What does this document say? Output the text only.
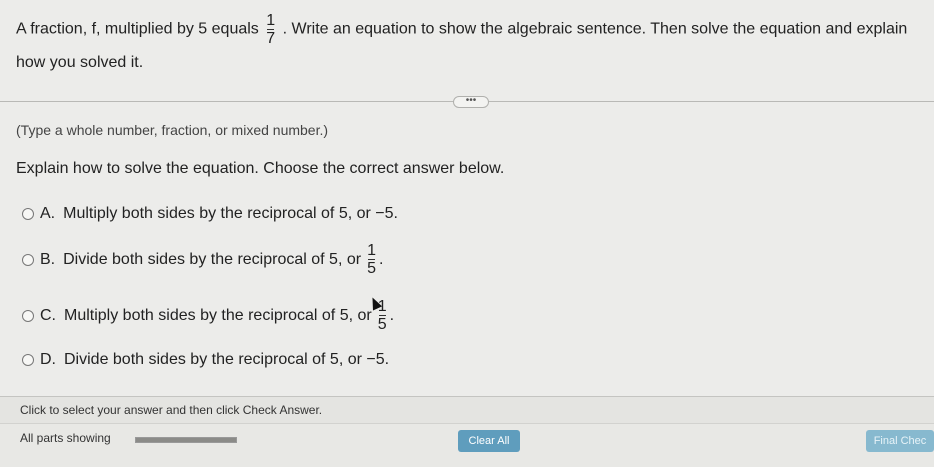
A fraction, f, multiplied by 5 equals $\frac{1}{7}$ . Write an equation to show the algebraic sentence. Then solve the equation and explain how you solved it.
•••
(Type a whole number, fraction, or mixed number.)
Explain how to solve the equation. Choose the correct answer below.
A. Multiply both sides by the reciprocal of 5, or −5.
B. Divide both sides by the reciprocal of 5, or $\frac{1}{5}$ .
C. Multiply both sides by the reciprocal of 5, or $\frac{1}{5}$ .
D. Divide both sides by the reciprocal of 5, or −5.
Click to select your answer and then click Check Answer.
All parts showing	Clear All	Final Chec
